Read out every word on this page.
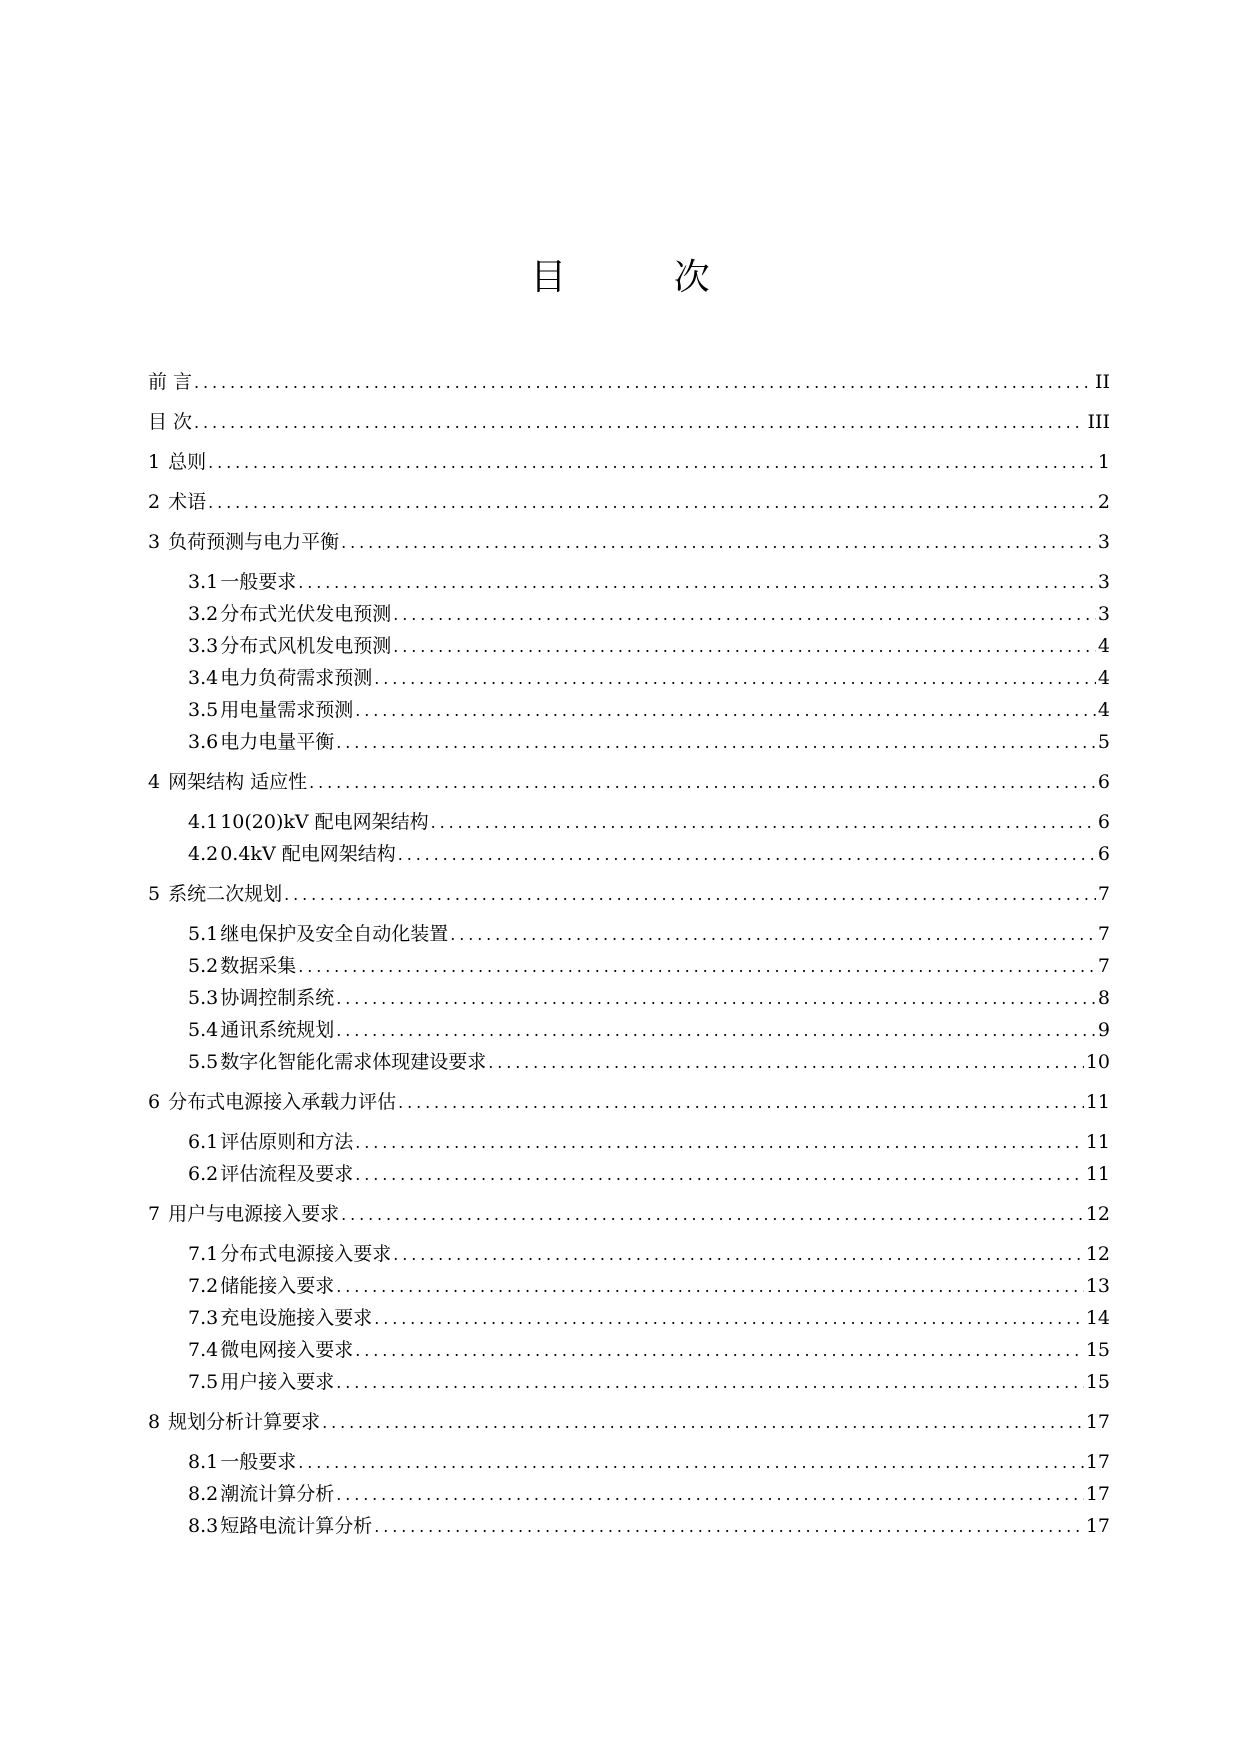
目 次
前 言 .....	II
目 次 .....	III
1 总则 .....	1
2 术语 .....	2
3 负荷预测与电力平衡 .....	3
3.1 一般要求 .....	3
3.2 分布式光伏发电预测 .....	3
3.3 分布式风机发电预测 .....	4
3.4 电力负荷需求预测 .....	4
3.5 用电量需求预测 .....	4
3.6 电力电量平衡 .....	5
4 网架结构 适应性 .....	6
4.1 10(20)kV 配电网架结构 .....	6
4.2 0.4kV 配电网架结构 .....	6
5 系统二次规划 .....	7
5.1 继电保护及安全自动化装置 .....	7
5.2 数据采集 .....	7
5.3 协调控制系统 .....	8
5.4 通讯系统规划 .....	9
5.5 数字化智能化需求体现建设要求 .....	10
6 分布式电源接入承载力评估 .....	11
6.1 评估原则和方法 .....	11
6.2 评估流程及要求 .....	11
7 用户与电源接入要求 .....	12
7.1 分布式电源接入要求 .....	12
7.2 储能接入要求 .....	13
7.3 充电设施接入要求 .....	14
7.4 微电网接入要求 .....	15
7.5 用户接入要求 .....	15
8 规划分析计算要求 .....	17
8.1 一般要求 .....	17
8.2 潮流计算分析 .....	17
8.3 短路电流计算分析 .....	17
